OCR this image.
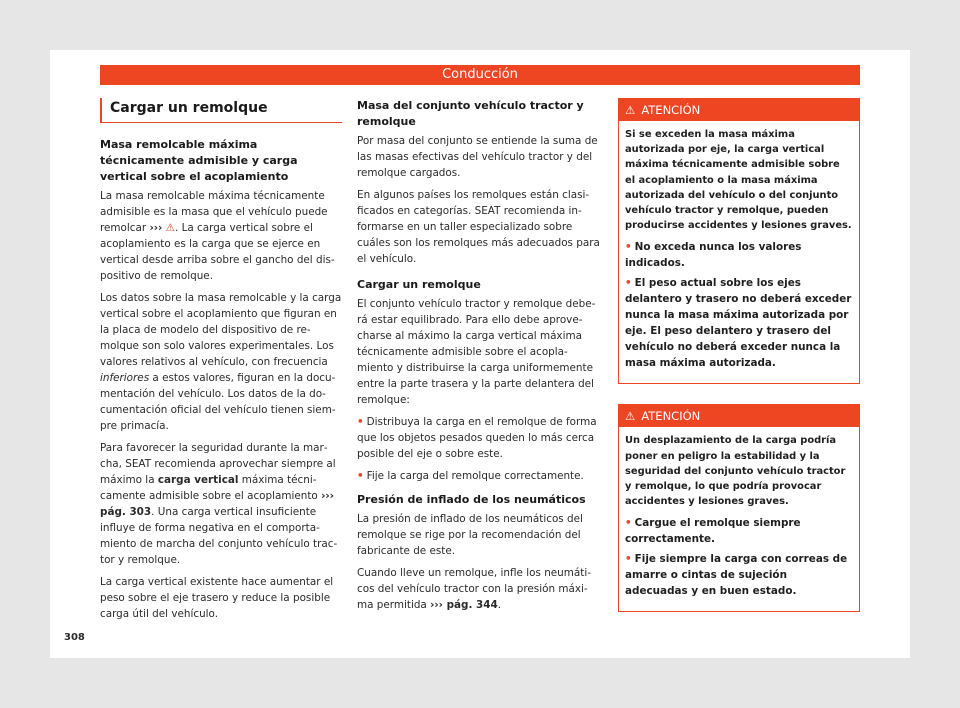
Conducción
Cargar un remolque
Masa remolcable máxima técnicamente admisible y carga vertical sobre el acoplamiento

La masa remolcable máxima técnicamente admisible es la masa que el vehículo puede remolcar ››› ⚠. La carga vertical sobre el acoplamiento es la carga que se ejerce en vertical desde arriba sobre el gancho del dispositivo de remolque.

Los datos sobre la masa remolcable y la carga vertical sobre el acoplamiento que figuran en la placa de modelo del dispositivo de remolque son solo valores experimentales. Los valores relativos al vehículo, con frecuencia inferiores a estos valores, figuran en la documentación del vehículo. Los datos de la documentación oficial del vehículo tienen siempre primacía.

Para favorecer la seguridad durante la marcha, SEAT recomienda aprovechar siempre al máximo la carga vertical máxima técnicamente admisible sobre el acoplamiento ››› pág. 303. Una carga vertical insuficiente influye de forma negativa en el comportamiento de marcha del conjunto vehículo tractor y remolque.

La carga vertical existente hace aumentar el peso sobre el eje trasero y reduce la posible carga útil del vehículo.

Masa del conjunto vehículo tractor y remolque

Por masa del conjunto se entiende la suma de las masas efectivas del vehículo tractor y del remolque cargados.

En algunos países los remolques están clasificados en categorías. SEAT recomienda informarse en un taller especializado sobre cuáles son los remolques más adecuados para el vehículo.

Cargar un remolque

El conjunto vehículo tractor y remolque deberá estar equilibrado. Para ello debe aprovecharse al máximo la carga vertical máxima técnicamente admisible sobre el acoplamiento y distribuirse la carga uniformemente entre la parte trasera y la parte delantera del remolque:

• Distribuya la carga en el remolque de forma que los objetos pesados queden lo más cerca posible del eje o sobre este.
• Fije la carga del remolque correctamente.
Presión de inflado de los neumáticos

La presión de inflado de los neumáticos del remolque se rige por la recomendación del fabricante de este.

Cuando lleve un remolque, infle los neumáticos del vehículo tractor con la presión máxima permitida ››› pág. 344.

⚠ ATENCIÓN

Si se exceden la masa máxima autorizada por eje, la carga vertical máxima técnicamente admisible sobre el acoplamiento o la masa máxima autorizada del vehículo o del conjunto vehículo tractor y remolque, pueden producirse accidentes y lesiones graves.

• No exceda nunca los valores indicados.
• El peso actual sobre los ejes delantero y trasero no deberá exceder nunca la masa máxima autorizada por eje. El peso delantero y trasero del vehículo no deberá exceder nunca la masa máxima autorizada.
⚠ ATENCIÓN

Un desplazamiento de la carga podría poner en peligro la estabilidad y la seguridad del conjunto vehículo tractor y remolque, lo que podría provocar accidentes y lesiones graves.

• Cargue el remolque siempre correctamente.
• Fije siempre la carga con correas de amarre o cintas de sujeción adecuadas y en buen estado.
308
